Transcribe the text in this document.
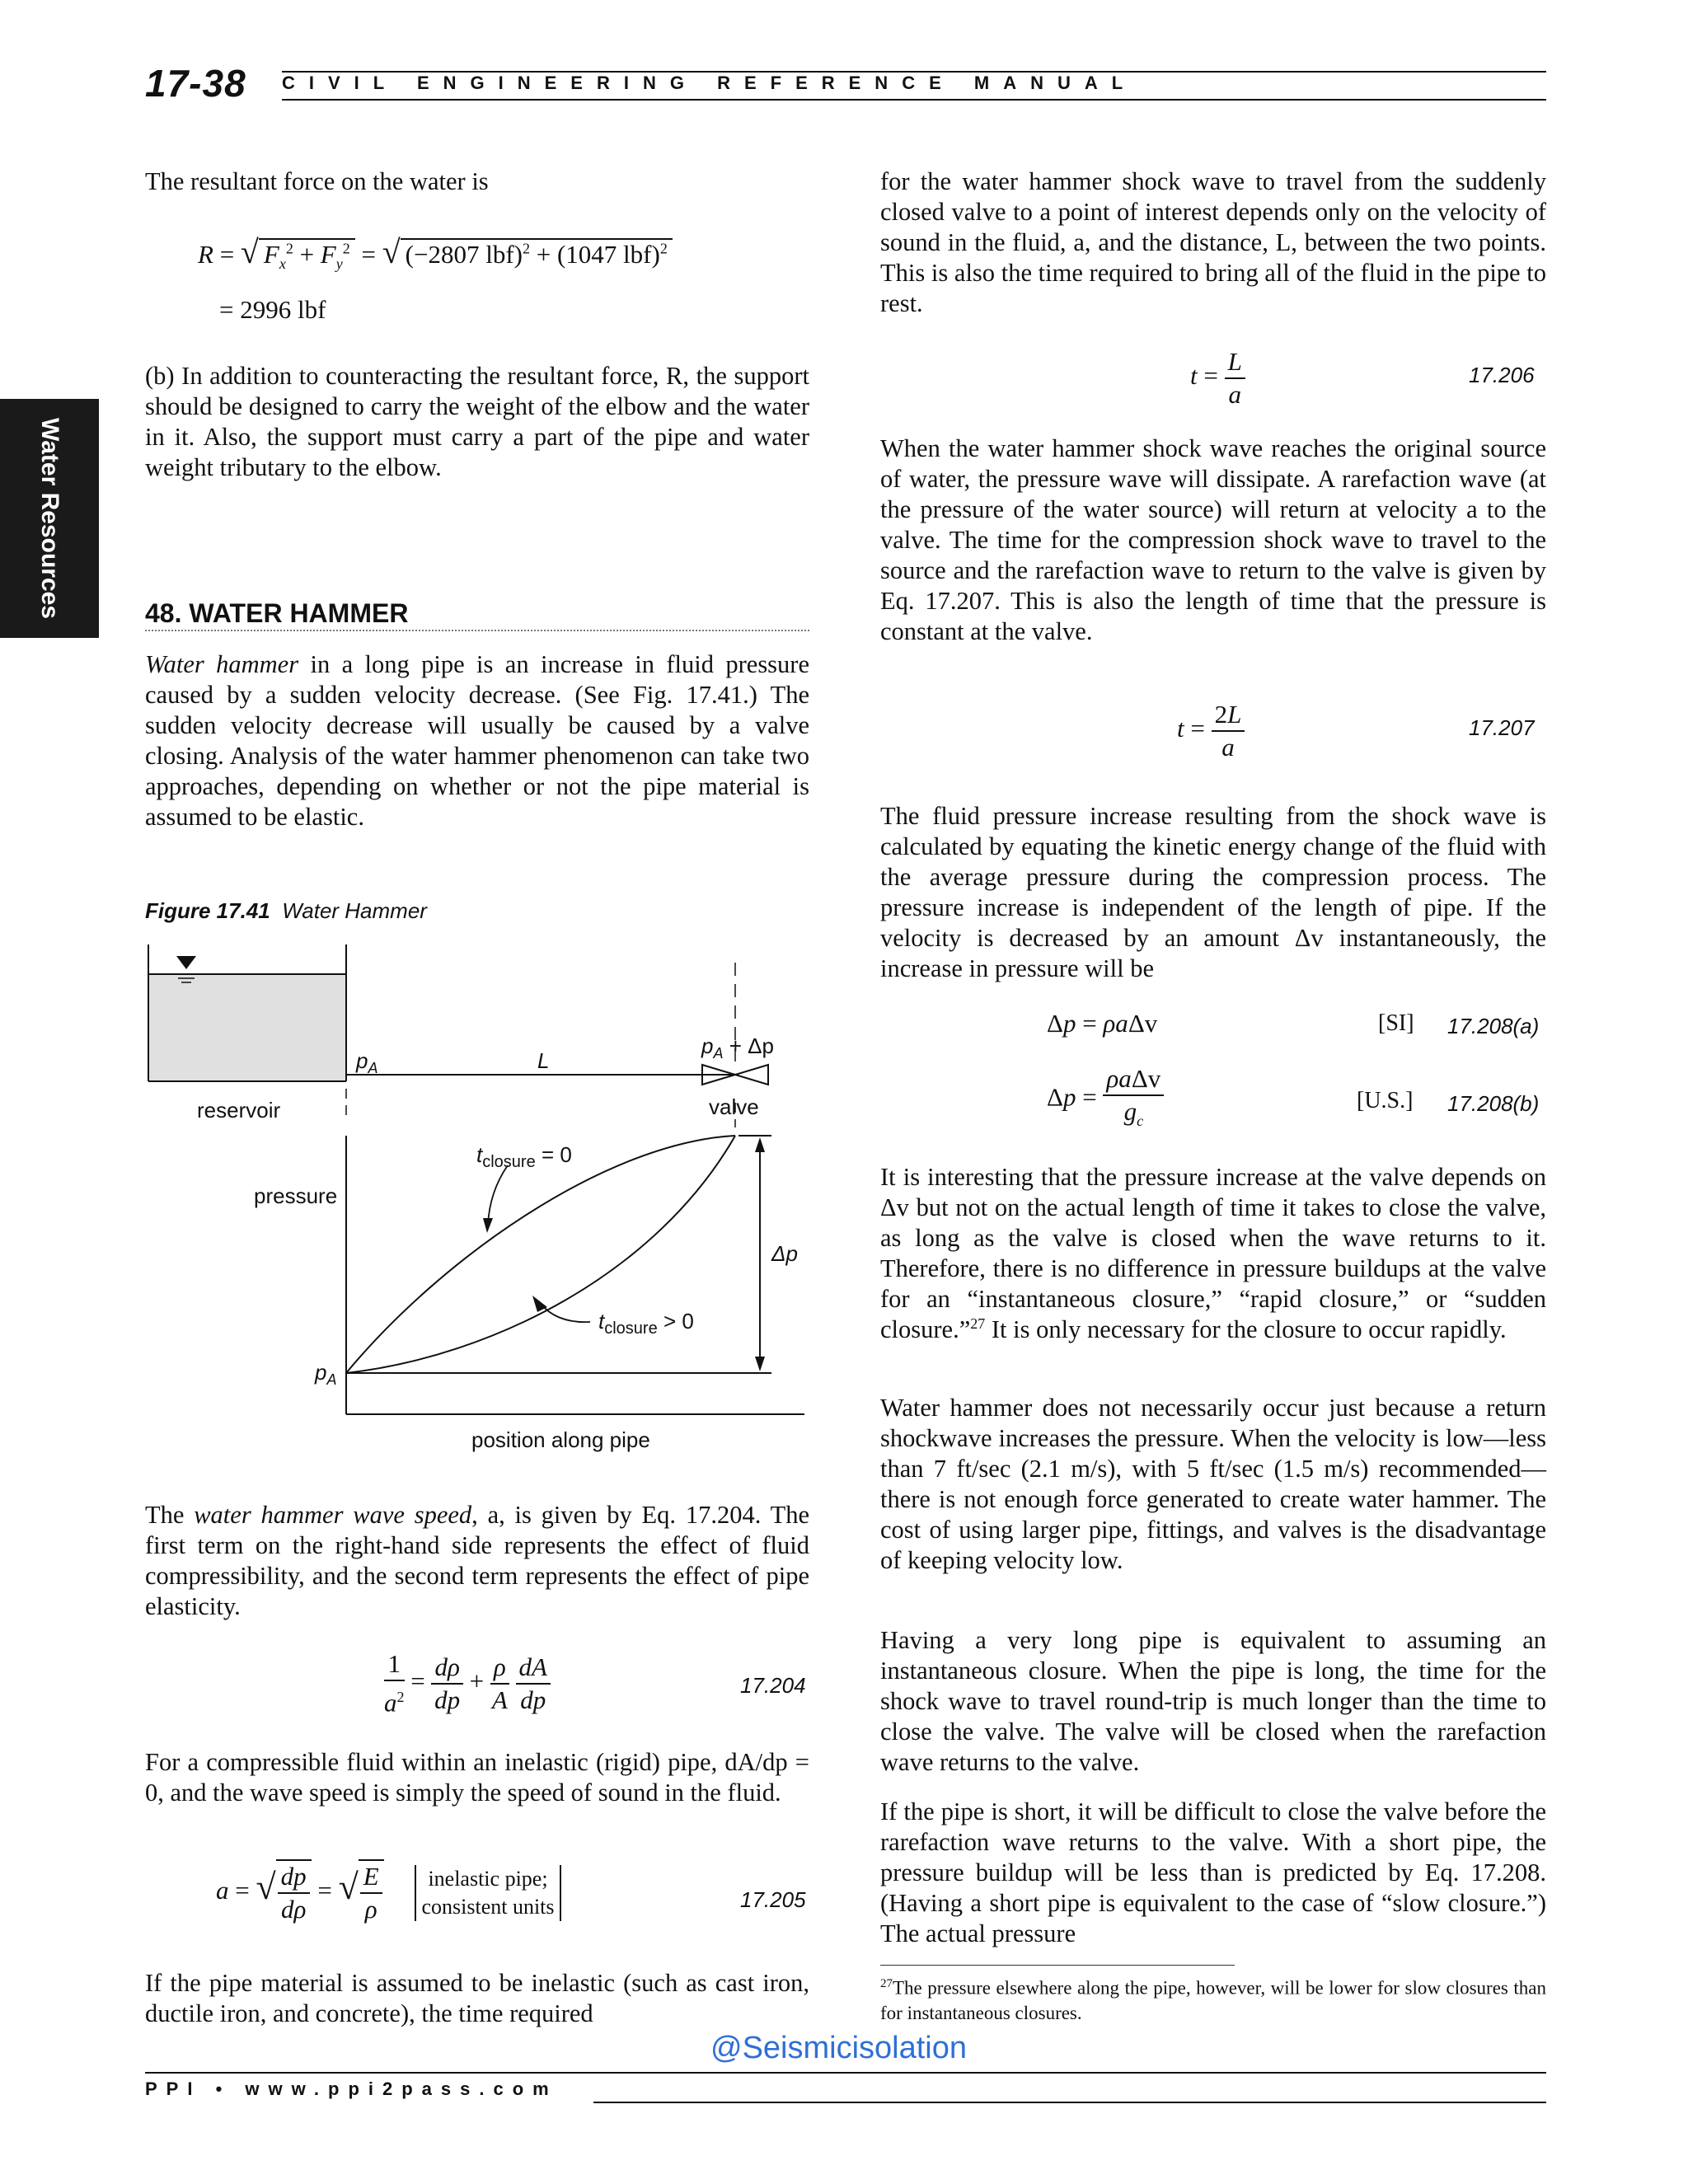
17-38 CIVIL ENGINEERING REFERENCE MANUAL
Water Resources

The resultant force on the water is

R = √ $F_x^2 + F_y^2$ = √ (−2807 lbf)$^2$ + (1047 lbf)$^2$
= 2996 lbf

(b) In addition to counteracting the resultant force, R, the support should be designed to carry the weight of the elbow and the water in it. Also, the support must carry a part of the pipe and water weight tributary to the elbow.

48. WATER HAMMER

Water hammer in a long pipe is an increase in fluid pressure caused by a sudden velocity decrease. (See Fig. 17.41.) The sudden velocity decrease will usually be caused by a valve closing. Analysis of the water hammer phenomenon can take two approaches, depending on whether or not the pipe material is assumed to be elastic.

Figure 17.41 Water Hammer
reservoir
$p_A$	L
$p_A + \Delta p$
valve
$t_{closure} = 0$
pressure
Δp
$t_{closure} > 0$
$p_A$
position along pipe

The water hammer wave speed, a, is given by Eq. 17.204. The first term on the right-hand side represents the effect of fluid compressibility, and the second term represents the effect of pipe elasticity.

$\frac{1}{a^2} = \frac{d\rho}{dp} + \frac{\rho}{A}$
$\frac{dA}{dp}$	17.204

For a compressible fluid within an inelastic (rigid) pipe, dA/dp = 0, and the wave speed is simply the speed of sound in the fluid.

a = √ $\frac{dp}{d\rho}$ = √ $\frac{E}{\rho}$
	inelastic pipe;
consistent units	17.205

If the pipe material is assumed to be inelastic (such as cast iron, ductile iron, and concrete), the time required

for the water hammer shock wave to travel from the suddenly closed valve to a point of interest depends only on the velocity of sound in the fluid, a, and the distance, L, between the two points. This is also the time required to bring all of the fluid in the pipe to rest.

$t = \frac{L}{a}$	17.206

When the water hammer shock wave reaches the original source of water, the pressure wave will dissipate. A rarefaction wave (at the pressure of the water source) will return at velocity a to the valve. The time for the compression shock wave to travel to the source and the rarefaction wave to return to the valve is given by Eq. 17.207. This is also the length of time that the pressure is constant at the valve.

$t = \frac{2L}{a}$	17.207

The fluid pressure increase resulting from the shock wave is calculated by equating the kinetic energy change of the fluid with the average pressure during the compression process. The pressure increase is independent of the length of pipe. If the velocity is decreased by an amount Δv instantaneously, the increase in pressure will be

Δp = ρaΔv	[SI] 17.208(a)
$\Delta p = \frac{\text{ρaΔv}}{g_c}$	[U.S.] 17.208(b)

It is interesting that the pressure increase at the valve depends on Δv but not on the actual length of time it takes to close the valve, as long as the valve is closed when the wave returns to it. Therefore, there is no difference in pressure buildups at the valve for an “instantaneous closure,” “rapid closure,” or “sudden closure.”$^{27}$ It is only necessary for the closure to occur rapidly.

Water hammer does not necessarily occur just because a return shockwave increases the pressure. When the velocity is low—less than 7 ft/sec (2.1 m/s), with 5 ft/sec (1.5 m/s) recommended—there is not enough force generated to create water hammer. The cost of using larger pipe, fittings, and valves is the disadvantage of keeping velocity low.

Having a very long pipe is equivalent to assuming an instantaneous closure. When the pipe is long, the time for the shock wave to travel round-trip is much longer than the time to close the valve. The valve will be closed when the rarefaction wave returns to the valve.

If the pipe is short, it will be difficult to close the valve before the rarefaction wave returns to the valve. With a short pipe, the pressure buildup will be less than is predicted by Eq. 17.208. (Having a short pipe is equivalent to the case of “slow closure.”) The actual pressure

$^{27}$The pressure elsewhere along the pipe, however, will be lower for slow closures than for instantaneous closures.
@Seismicisolation
PPI • www.ppi2pass.com
